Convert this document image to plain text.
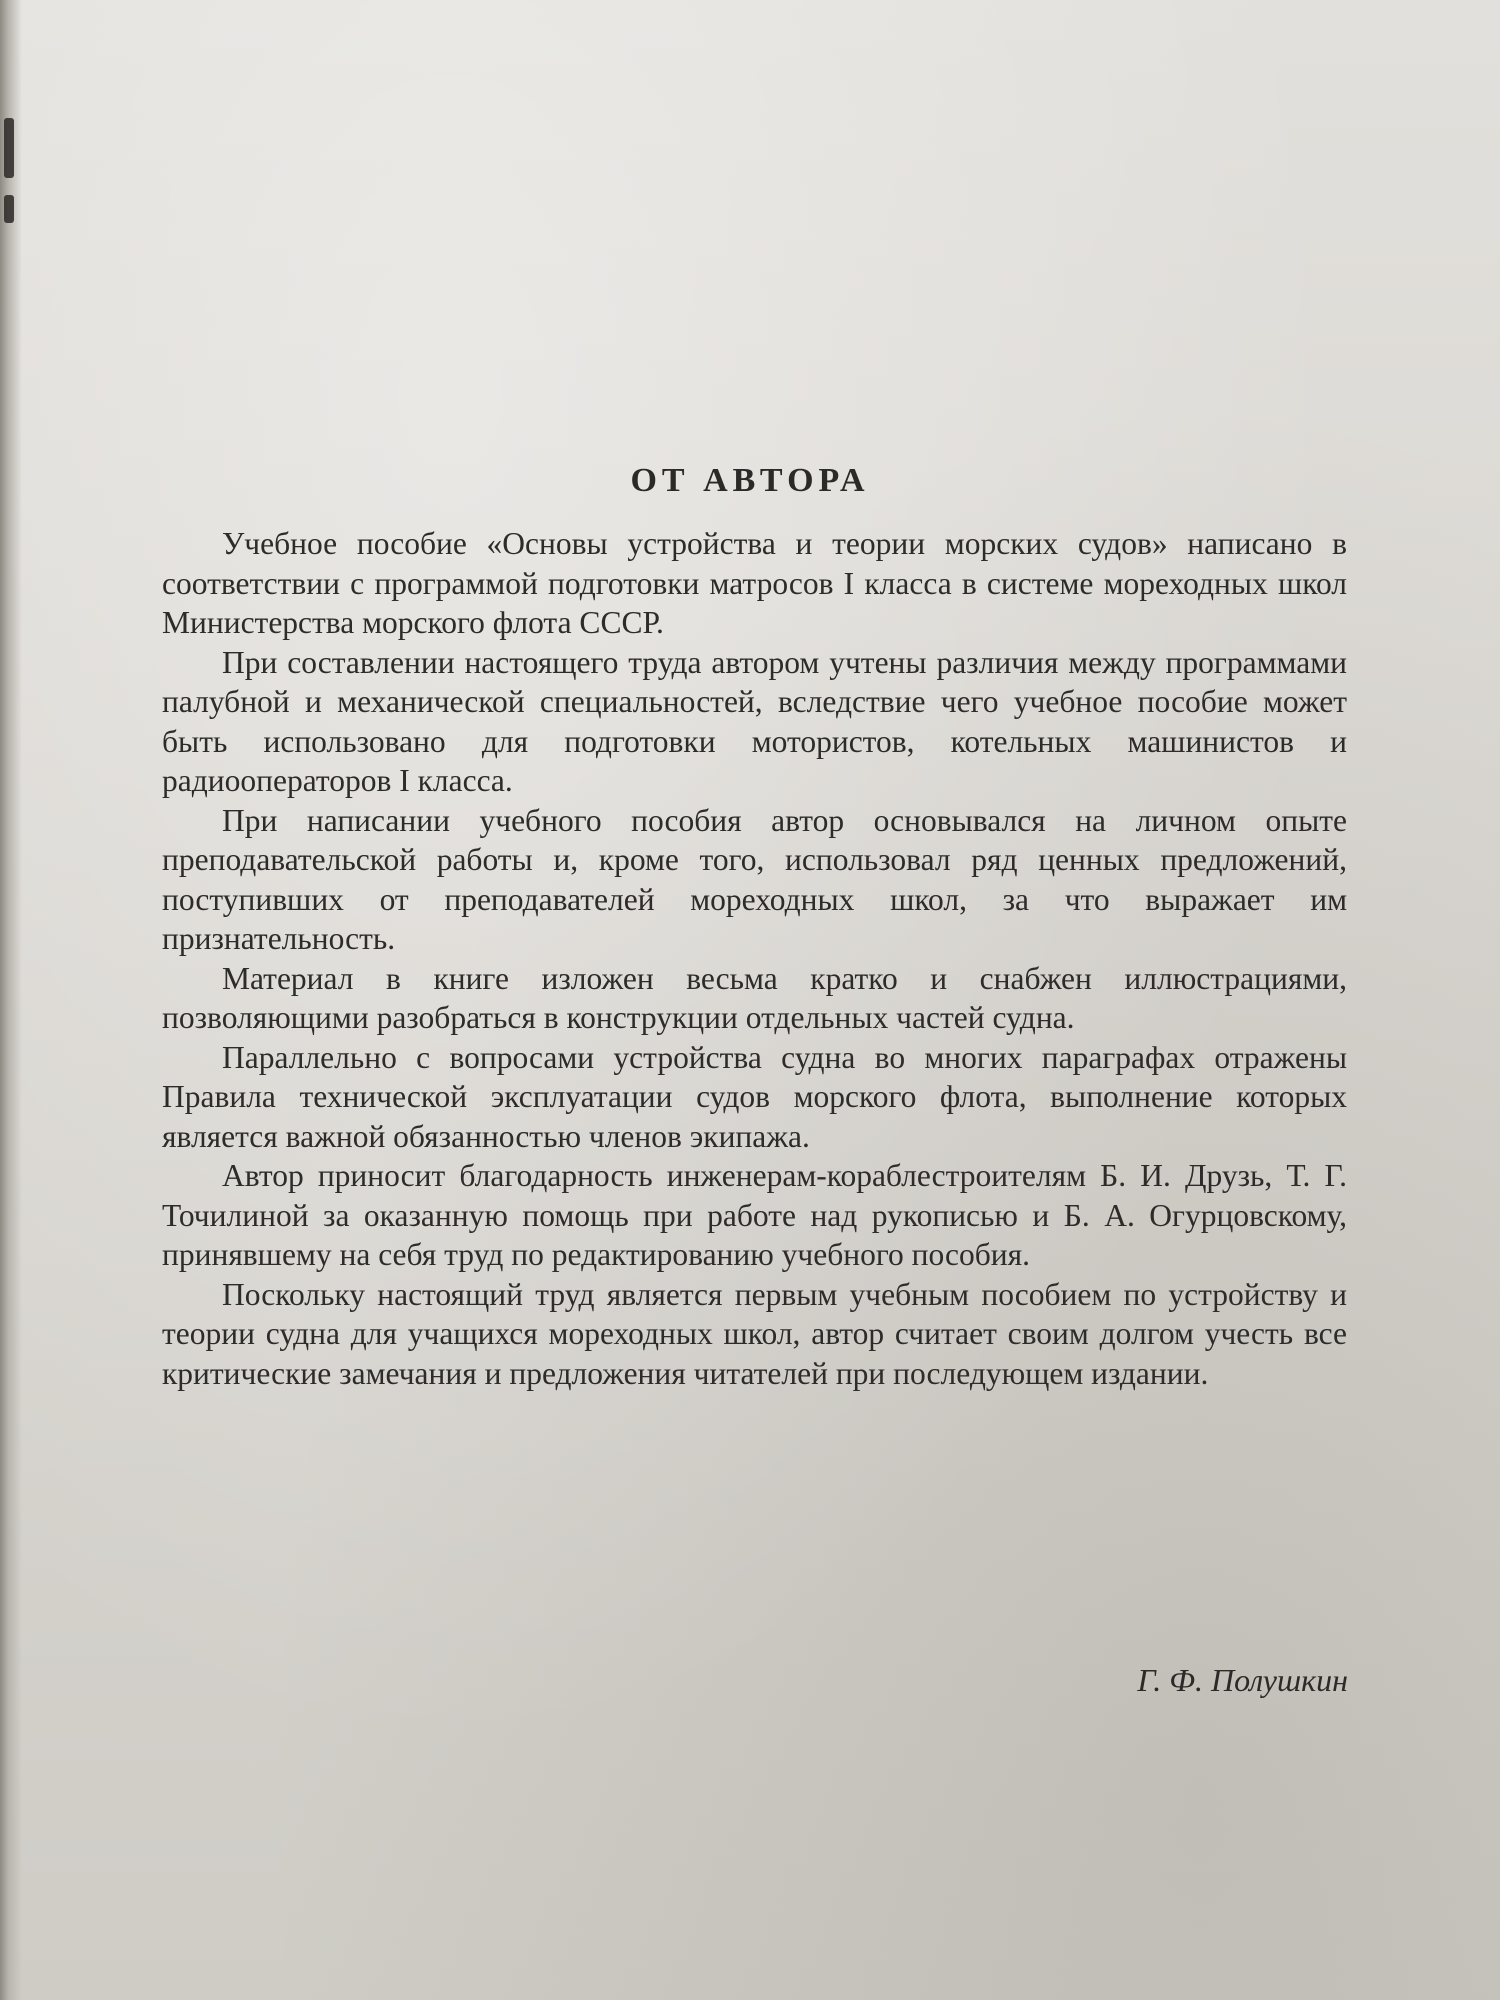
ОТ АВТОРА

Учебное пособие «Основы устройства и теории морских судов» написано в соответствии с программой подготовки матросов I класса в системе мореходных школ Министерства морского флота СССР.

При составлении настоящего труда автором учтены различия между программами палубной и механической специальностей, вследствие чего учебное пособие может быть использовано для подготовки мотористов, котельных машинистов и радиооператоров I класса.

При написании учебного пособия автор основывался на личном опыте преподавательской работы и, кроме того, использовал ряд ценных предложений, поступивших от преподавателей мореходных школ, за что выражает им признательность.

Материал в книге изложен весьма кратко и снабжен иллюстрациями, позволяющими разобраться в конструкции отдельных частей судна.

Параллельно с вопросами устройства судна во многих параграфах отражены Правила технической эксплуатации судов морского флота, выполнение которых является важной обязанностью членов экипажа.

Автор приносит благодарность инженерам-кораблестроителям Б. И. Друзь, Т. Г. Точилиной за оказанную помощь при работе над рукописью и Б. А. Огурцовскому, принявшему на себя труд по редактированию учебного пособия.

Поскольку настоящий труд является первым учебным пособием по устройству и теории судна для учащихся мореходных школ, автор считает своим долгом учесть все критические замечания и предложения читателей при последующем издании.

Г. Ф. Полушкин
